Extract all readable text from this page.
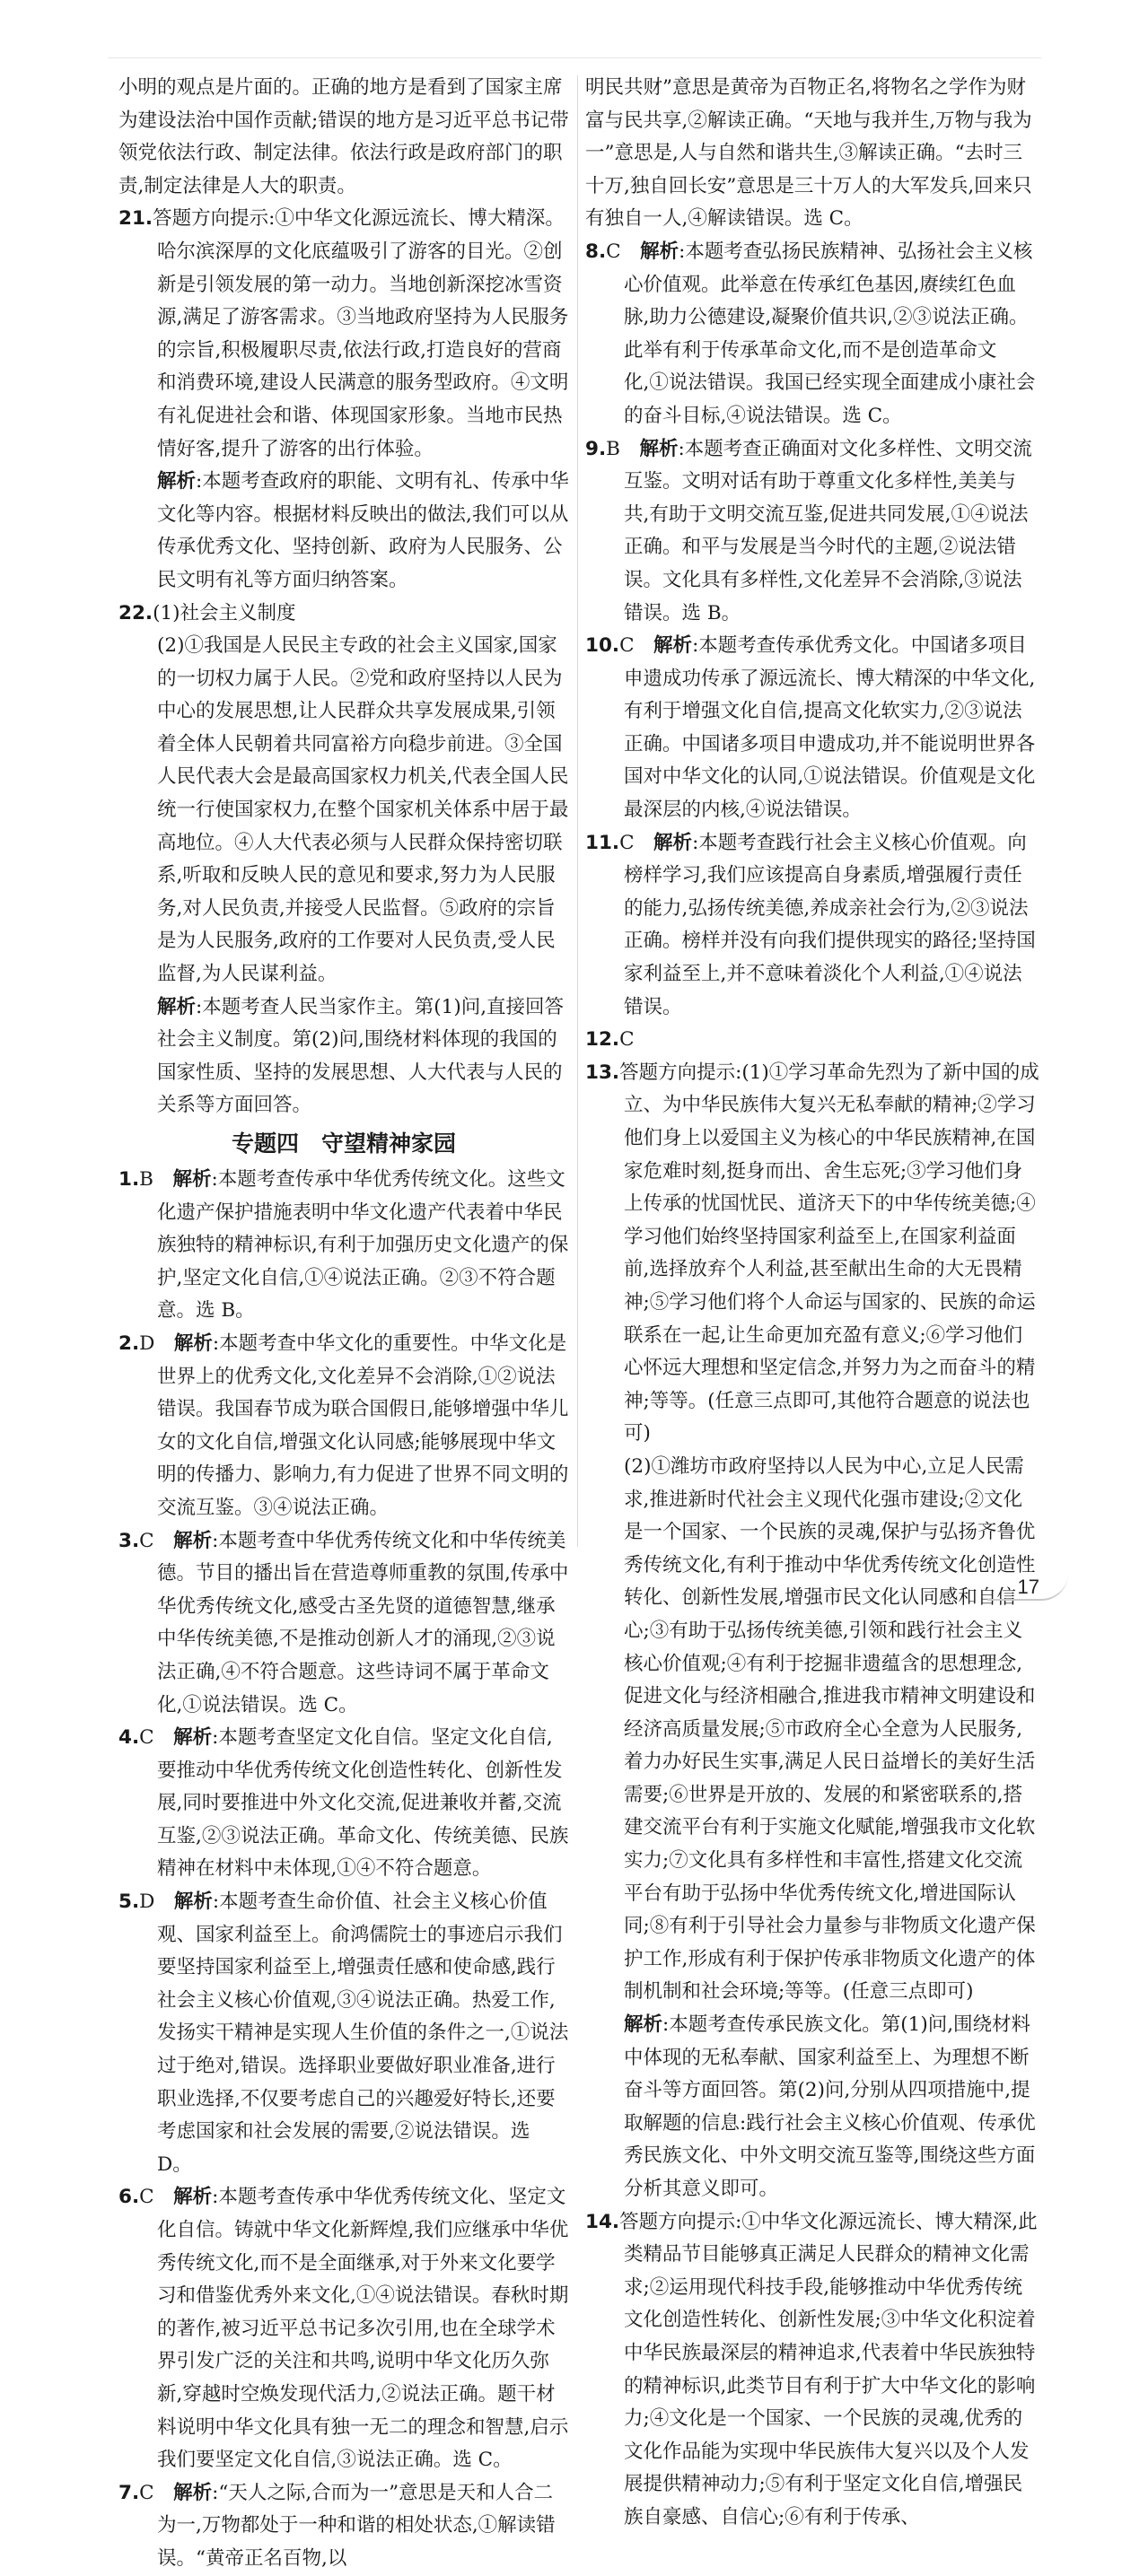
小明的观点是片面的。正确的地方是看到了国家主席为建设法治中国作贡献;错误的地方是习近平总书记带领党依法行政、制定法律。依法行政是政府部门的职责,制定法律是人大的职责。

21.答题方向提示:①中华文化源远流长、博大精深。哈尔滨深厚的文化底蕴吸引了游客的目光。②创新是引领发展的第一动力。当地创新深挖冰雪资源,满足了游客需求。③当地政府坚持为人民服务的宗旨,积极履职尽责,依法行政,打造良好的营商和消费环境,建设人民满意的服务型政府。④文明有礼促进社会和谐、体现国家形象。当地市民热情好客,提升了游客的出行体验。
解析:本题考查政府的职能、文明有礼、传承中华文化等内容。根据材料反映出的做法,我们可以从传承优秀文化、坚持创新、政府为人民服务、公民文明有礼等方面归纳答案。

22.(1)社会主义制度
(2)①我国是人民民主专政的社会主义国家,国家的一切权力属于人民。②党和政府坚持以人民为中心的发展思想,让人民群众共享发展成果,引领着全体人民朝着共同富裕方向稳步前进。③全国人民代表大会是最高国家权力机关,代表全国人民统一行使国家权力,在整个国家机关体系中居于最高地位。④人大代表必须与人民群众保持密切联系,听取和反映人民的意见和要求,努力为人民服务,对人民负责,并接受人民监督。⑤政府的宗旨是为人民服务,政府的工作要对人民负责,受人民监督,为人民谋利益。
解析:本题考查人民当家作主。第(1)问,直接回答社会主义制度。第(2)问,围绕材料体现的我国的国家性质、坚持的发展思想、人大代表与人民的关系等方面回答。

专题四　守望精神家园

1.B  解析:本题考查传承中华优秀传统文化。这些文化遗产保护措施表明中华文化遗产代表着中华民族独特的精神标识,有利于加强历史文化遗产的保护,坚定文化自信,①④说法正确。②③不符合题意。选 B。

2.D  解析:本题考查中华文化的重要性。中华文化是世界上的优秀文化,文化差异不会消除,①②说法错误。我国春节成为联合国假日,能够增强中华儿女的文化自信,增强文化认同感;能够展现中华文明的传播力、影响力,有力促进了世界不同文明的交流互鉴。③④说法正确。

3.C  解析:本题考查中华优秀传统文化和中华传统美德。节目的播出旨在营造尊师重教的氛围,传承中华优秀传统文化,感受古圣先贤的道德智慧,继承中华传统美德,不是推动创新人才的涌现,②③说法正确,④不符合题意。这些诗词不属于革命文化,①说法错误。选 C。

4.C  解析:本题考查坚定文化自信。坚定文化自信,要推动中华优秀传统文化创造性转化、创新性发展,同时要推进中外文化交流,促进兼收并蓄,交流互鉴,②③说法正确。革命文化、传统美德、民族精神在材料中未体现,①④不符合题意。

5.D  解析:本题考查生命价值、社会主义核心价值观、国家利益至上。俞鸿儒院士的事迹启示我们要坚持国家利益至上,增强责任感和使命感,践行社会主义核心价值观,③④说法正确。热爱工作,发扬实干精神是实现人生价值的条件之一,①说法过于绝对,错误。选择职业要做好职业准备,进行职业选择,不仅要考虑自己的兴趣爱好特长,还要考虑国家和社会发展的需要,②说法错误。选 D。

6.C  解析:本题考查传承中华优秀传统文化、坚定文化自信。铸就中华文化新辉煌,我们应继承中华优秀传统文化,而不是全面继承,对于外来文化要学习和借鉴优秀外来文化,①④说法错误。春秋时期的著作,被习近平总书记多次引用,也在全球学术界引发广泛的关注和共鸣,说明中华文化历久弥新,穿越时空焕发现代活力,②说法正确。题干材料说明中华文化具有独一无二的理念和智慧,启示我们要坚定文化自信,③说法正确。选 C。

7.C  解析:“天人之际,合而为一”意思是天和人合二为一,万物都处于一种和谐的相处状态,①解读错误。“黄帝正名百物,以

明民共财”意思是黄帝为百物正名,将物名之学作为财富与民共享,②解读正确。“天地与我并生,万物与我为一”意思是,人与自然和谐共生,③解读正确。“去时三十万,独自回长安”意思是三十万人的大军发兵,回来只有独自一人,④解读错误。选 C。

8.C  解析:本题考查弘扬民族精神、弘扬社会主义核心价值观。此举意在传承红色基因,赓续红色血脉,助力公德建设,凝聚价值共识,②③说法正确。此举有利于传承革命文化,而不是创造革命文化,①说法错误。我国已经实现全面建成小康社会的奋斗目标,④说法错误。选 C。

9.B  解析:本题考查正确面对文化多样性、文明交流互鉴。文明对话有助于尊重文化多样性,美美与共,有助于文明交流互鉴,促进共同发展,①④说法正确。和平与发展是当今时代的主题,②说法错误。文化具有多样性,文化差异不会消除,③说法错误。选 B。

10.C  解析:本题考查传承优秀文化。中国诸多项目申遗成功传承了源远流长、博大精深的中华文化,有利于增强文化自信,提高文化软实力,②③说法正确。中国诸多项目申遗成功,并不能说明世界各国对中华文化的认同,①说法错误。价值观是文化最深层的内核,④说法错误。

11.C  解析:本题考查践行社会主义核心价值观。向榜样学习,我们应该提高自身素质,增强履行责任的能力,弘扬传统美德,养成亲社会行为,②③说法正确。榜样并没有向我们提供现实的路径;坚持国家利益至上,并不意味着淡化个人利益,①④说法错误。

12.C

13.答题方向提示:(1)①学习革命先烈为了新中国的成立、为中华民族伟大复兴无私奉献的精神;②学习他们身上以爱国主义为核心的中华民族精神,在国家危难时刻,挺身而出、舍生忘死;③学习他们身上传承的忧国忧民、道济天下的中华传统美德;④学习他们始终坚持国家利益至上,在国家利益面前,选择放弃个人利益,甚至献出生命的大无畏精神;⑤学习他们将个人命运与国家的、民族的命运联系在一起,让生命更加充盈有意义;⑥学习他们心怀远大理想和坚定信念,并努力为之而奋斗的精神;等等。(任意三点即可,其他符合题意的说法也可)
(2)①潍坊市政府坚持以人民为中心,立足人民需求,推进新时代社会主义现代化强市建设;②文化是一个国家、一个民族的灵魂,保护与弘扬齐鲁优秀传统文化,有利于推动中华优秀传统文化创造性转化、创新性发展,增强市民文化认同感和自信心;③有助于弘扬传统美德,引领和践行社会主义核心价值观;④有利于挖掘非遗蕴含的思想理念,促进文化与经济相融合,推进我市精神文明建设和经济高质量发展;⑤市政府全心全意为人民服务,着力办好民生实事,满足人民日益增长的美好生活需要;⑥世界是开放的、发展的和紧密联系的,搭建交流平台有利于实施文化赋能,增强我市文化软实力;⑦文化具有多样性和丰富性,搭建文化交流平台有助于弘扬中华优秀传统文化,增进国际认同;⑧有利于引导社会力量参与非物质文化遗产保护工作,形成有利于保护传承非物质文化遗产的体制机制和社会环境;等等。(任意三点即可)
解析:本题考查传承民族文化。第(1)问,围绕材料中体现的无私奉献、国家利益至上、为理想不断奋斗等方面回答。第(2)问,分别从四项措施中,提取解题的信息:践行社会主义核心价值观、传承优秀民族文化、中外文明交流互鉴等,围绕这些方面分析其意义即可。

14.答题方向提示:①中华文化源远流长、博大精深,此类精品节目能够真正满足人民群众的精神文化需求;②运用现代科技手段,能够推动中华优秀传统文化创造性转化、创新性发展;③中华文化积淀着中华民族最深层的精神追求,代表着中华民族独特的精神标识,此类节目有利于扩大中华文化的影响力;④文化是一个国家、一个民族的灵魂,优秀的文化作品能为实现中华民族伟大复兴以及个人发展提供精神动力;⑤有利于坚定文化自信,增强民族自豪感、自信心;⑥有利于传承、

17
